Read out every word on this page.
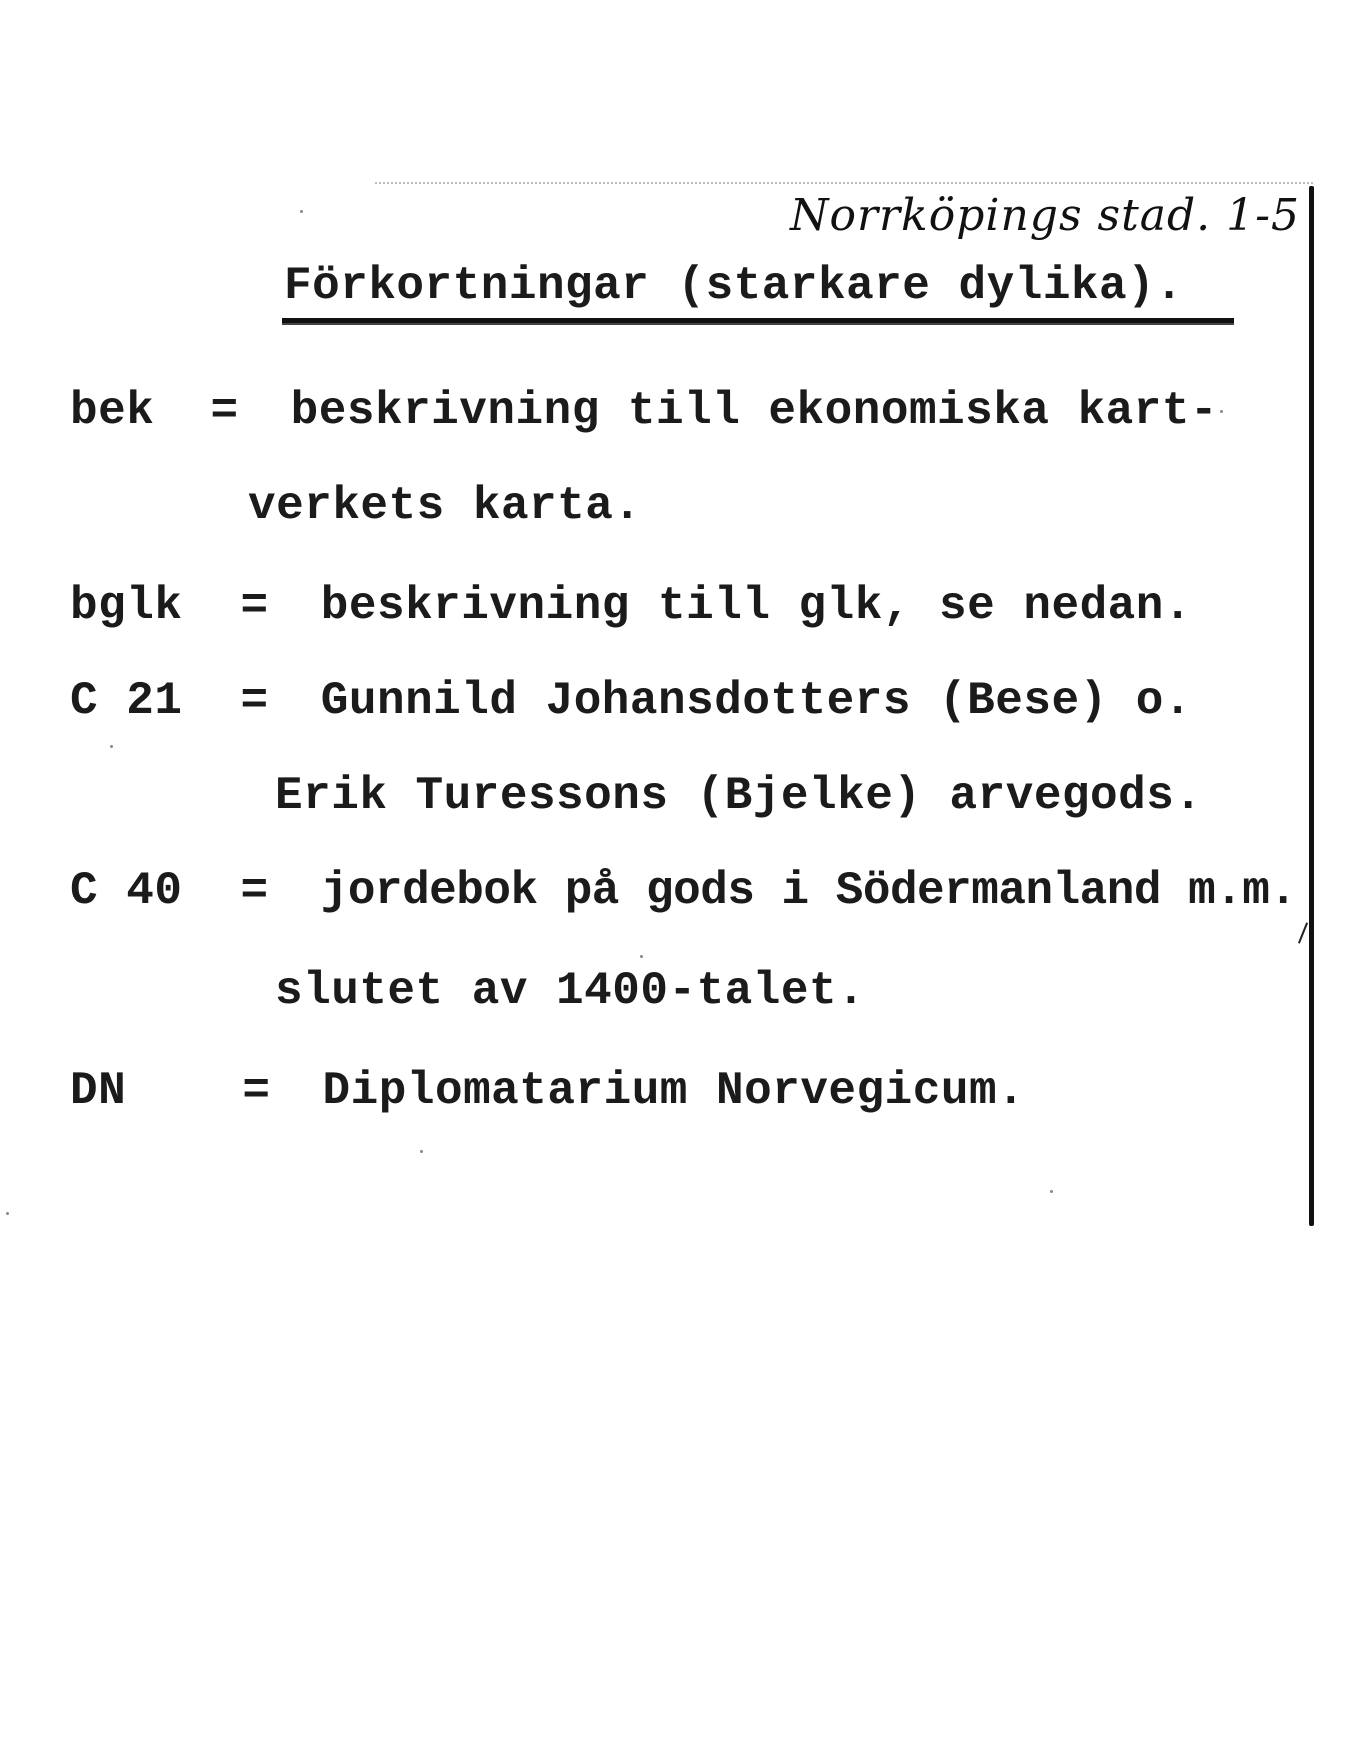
Norrköpings stad. 1-5
Förkortningar (starkare dylika).
bek = beskrivning till ekonomiska kart-
verkets karta.
bglk = beskrivning till glk, se nedan.
C 21 = Gunnild Johansdotters (Bese) o.
Erik Turessons (Bjelke) arvegods.
C 40 = jordebok på gods i Södermanland m.m.
slutet av 1400-talet.
DN	= Diplomatarium Norvegicum.
